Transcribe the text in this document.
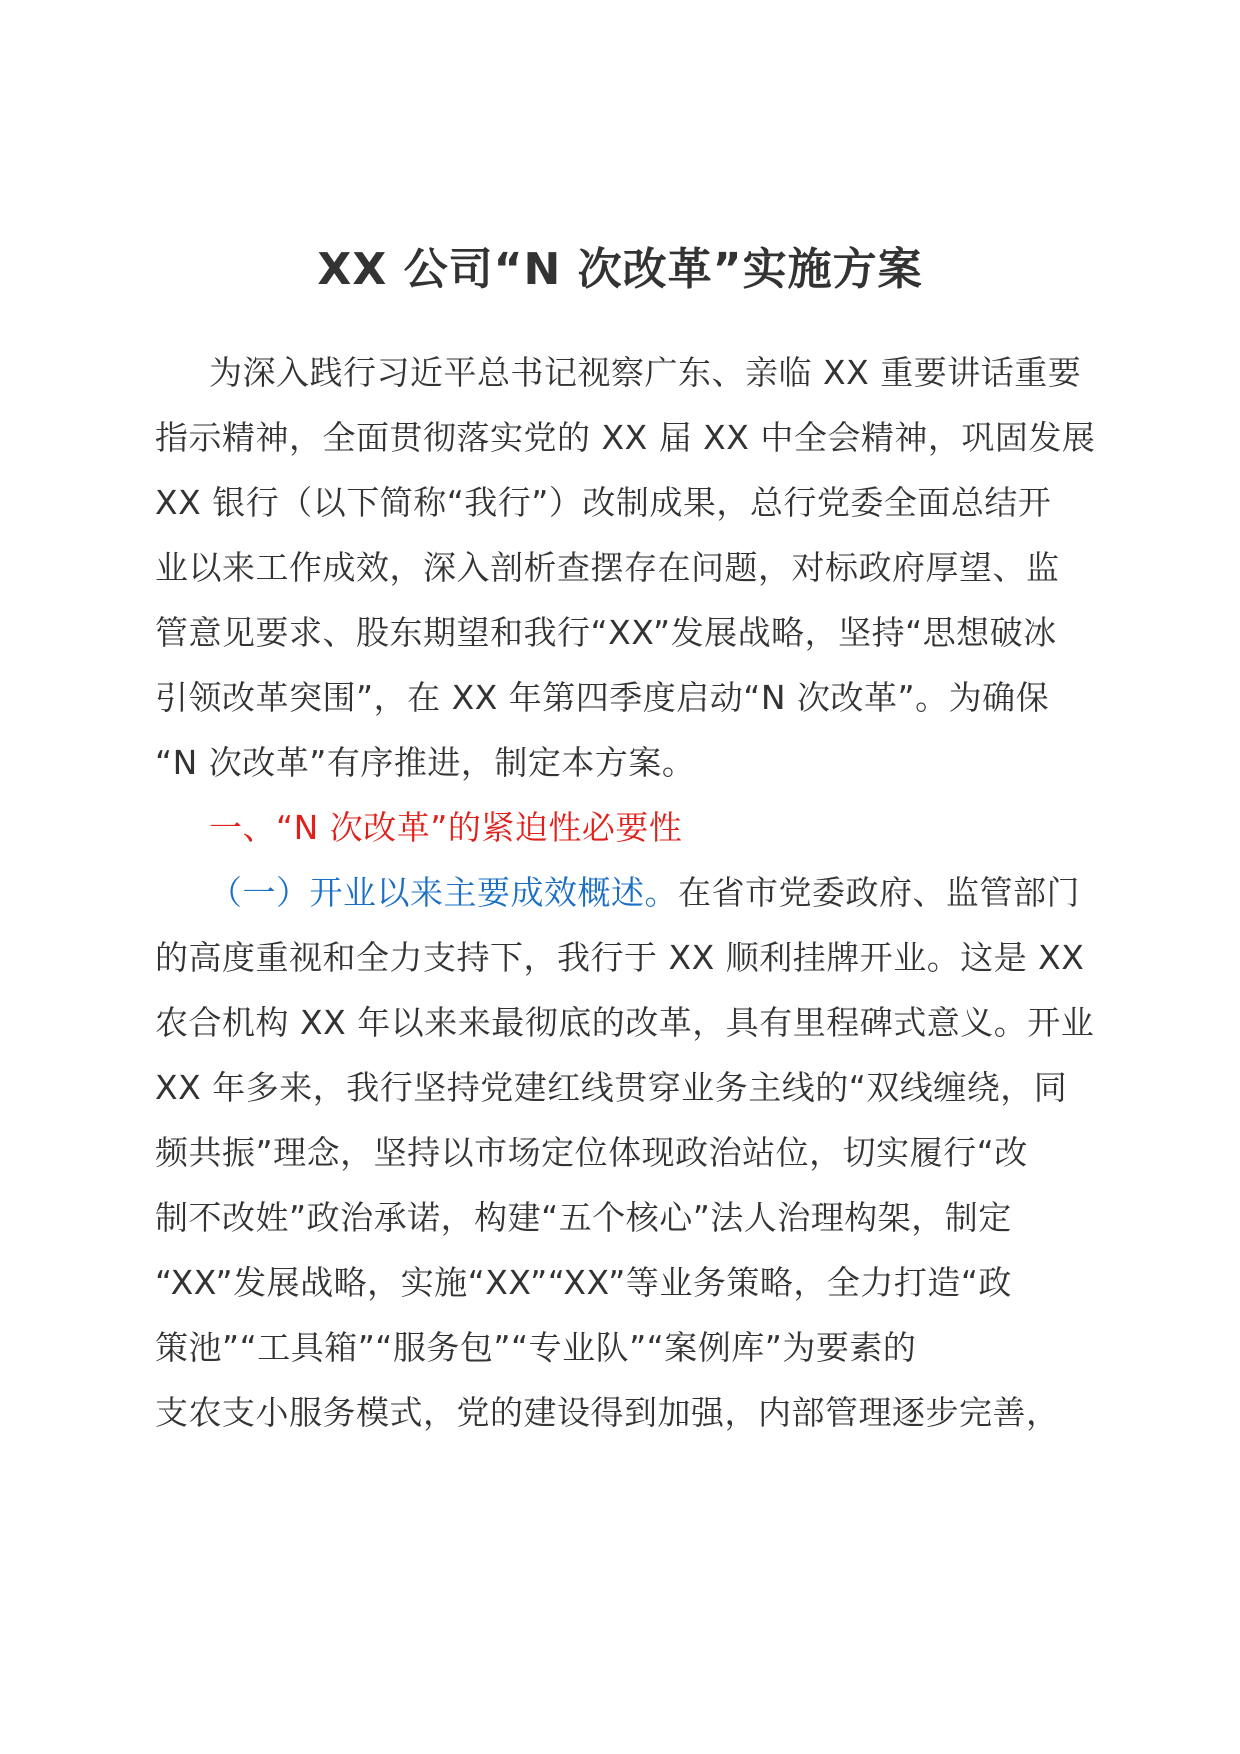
XX 公司“N 次改革”实施方案

为深入践行习近平总书记视察广东、亲临 XX 重要讲话重要

指示精神，全面贯彻落实党的 XX 届 XX 中全会精神，巩固发展

XX 银行（以下简称“我行”）改制成果，总行党委全面总结开

业以来工作成效，深入剖析查摆存在问题，对标政府厚望、监

管意见要求、股东期望和我行“XX”发展战略，坚持“思想破冰

引领改革突围”，在 XX 年第四季度启动“N 次改革”。为确保

“N 次改革”有序推进，制定本方案。

一、“N 次改革”的紧迫性必要性

（一）开业以来主要成效概述。在省市党委政府、监管部门

的高度重视和全力支持下，我行于 XX 顺利挂牌开业。这是 XX

农合机构 XX 年以来来最彻底的改革，具有里程碑式意义。开业

XX 年多来，我行坚持党建红线贯穿业务主线的“双线缠绕，同

频共振”理念，坚持以市场定位体现政治站位，切实履行“改

制不改姓”政治承诺，构建“五个核心”法人治理构架，制定

“XX”发展战略，实施“XX”“XX”等业务策略，全力打造“政

策池”“工具箱”“服务包”“专业队”“案例库”为要素的

支农支小服务模式，党的建设得到加强，内部管理逐步完善，
